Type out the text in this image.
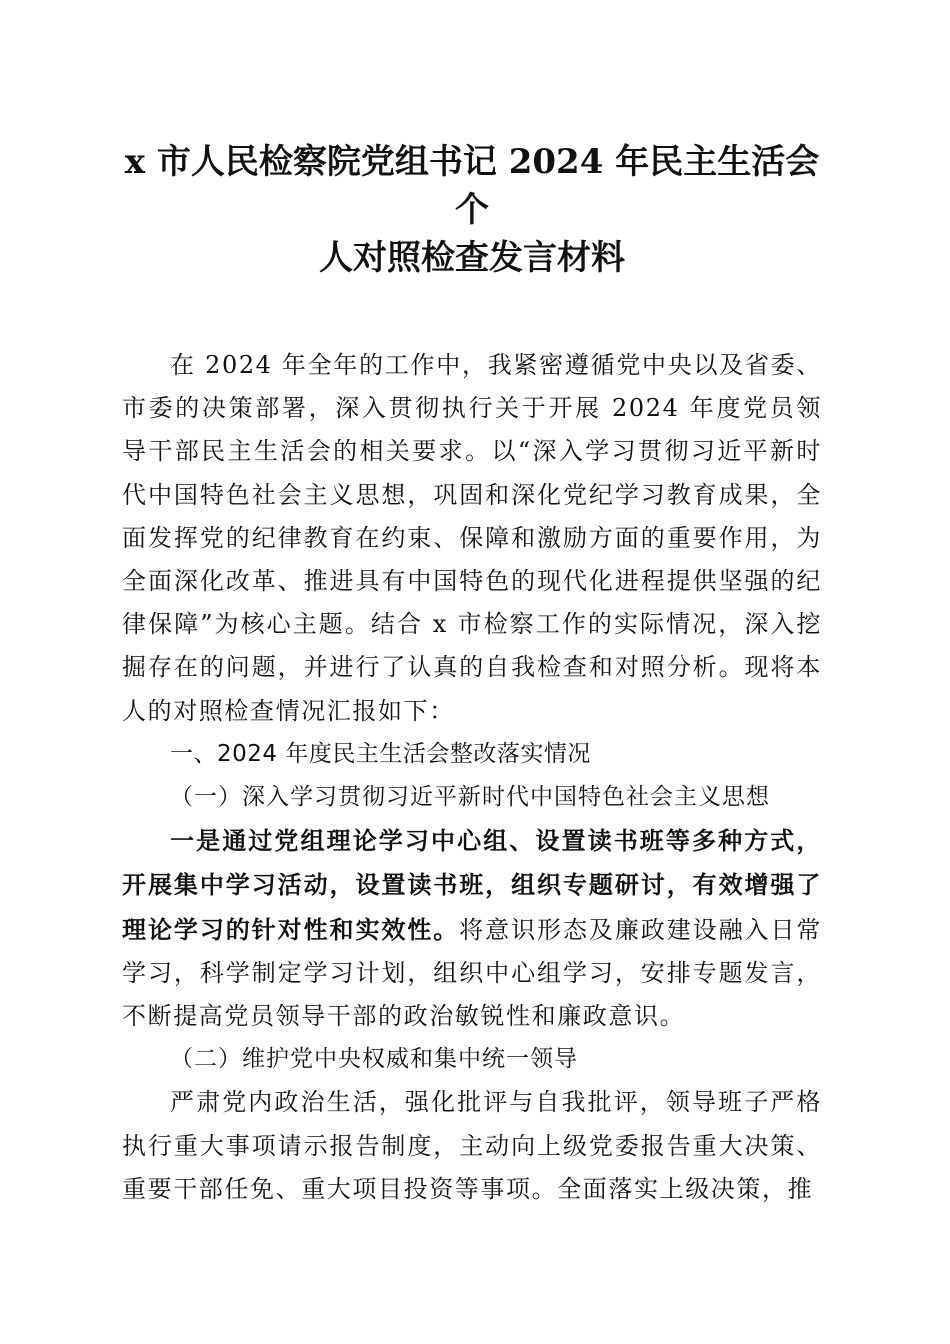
x 市人民检察院党组书记 2024 年民主生活会个
人对照检查发言材料

在 2024 年全年的工作中，我紧密遵循党中央以及省委、市委的决策部署，深入贯彻执行关于开展 2024 年度党员领导干部民主生活会的相关要求。以“深入学习贯彻习近平新时代中国特色社会主义思想，巩固和深化党纪学习教育成果，全面发挥党的纪律教育在约束、保障和激励方面的重要作用，为全面深化改革、推进具有中国特色的现代化进程提供坚强的纪律保障”为核心主题。结合 x 市检察工作的实际情况，深入挖掘存在的问题，并进行了认真的自我检查和对照分析。现将本人的对照检查情况汇报如下：

一、2024 年度民主生活会整改落实情况

（一）深入学习贯彻习近平新时代中国特色社会主义思想

一是通过党组理论学习中心组、设置读书班等多种方式，开展集中学习活动，设置读书班，组织专题研讨，有效增强了理论学习的针对性和实效性。将意识形态及廉政建设融入日常学习，科学制定学习计划，组织中心组学习，安排专题发言，不断提高党员领导干部的政治敏锐性和廉政意识。

（二）维护党中央权威和集中统一领导

严肃党内政治生活，强化批评与自我批评，领导班子严格执行重大事项请示报告制度，主动向上级党委报告重大决策、重要干部任免、重大项目投资等事项。全面落实上级决策，推
